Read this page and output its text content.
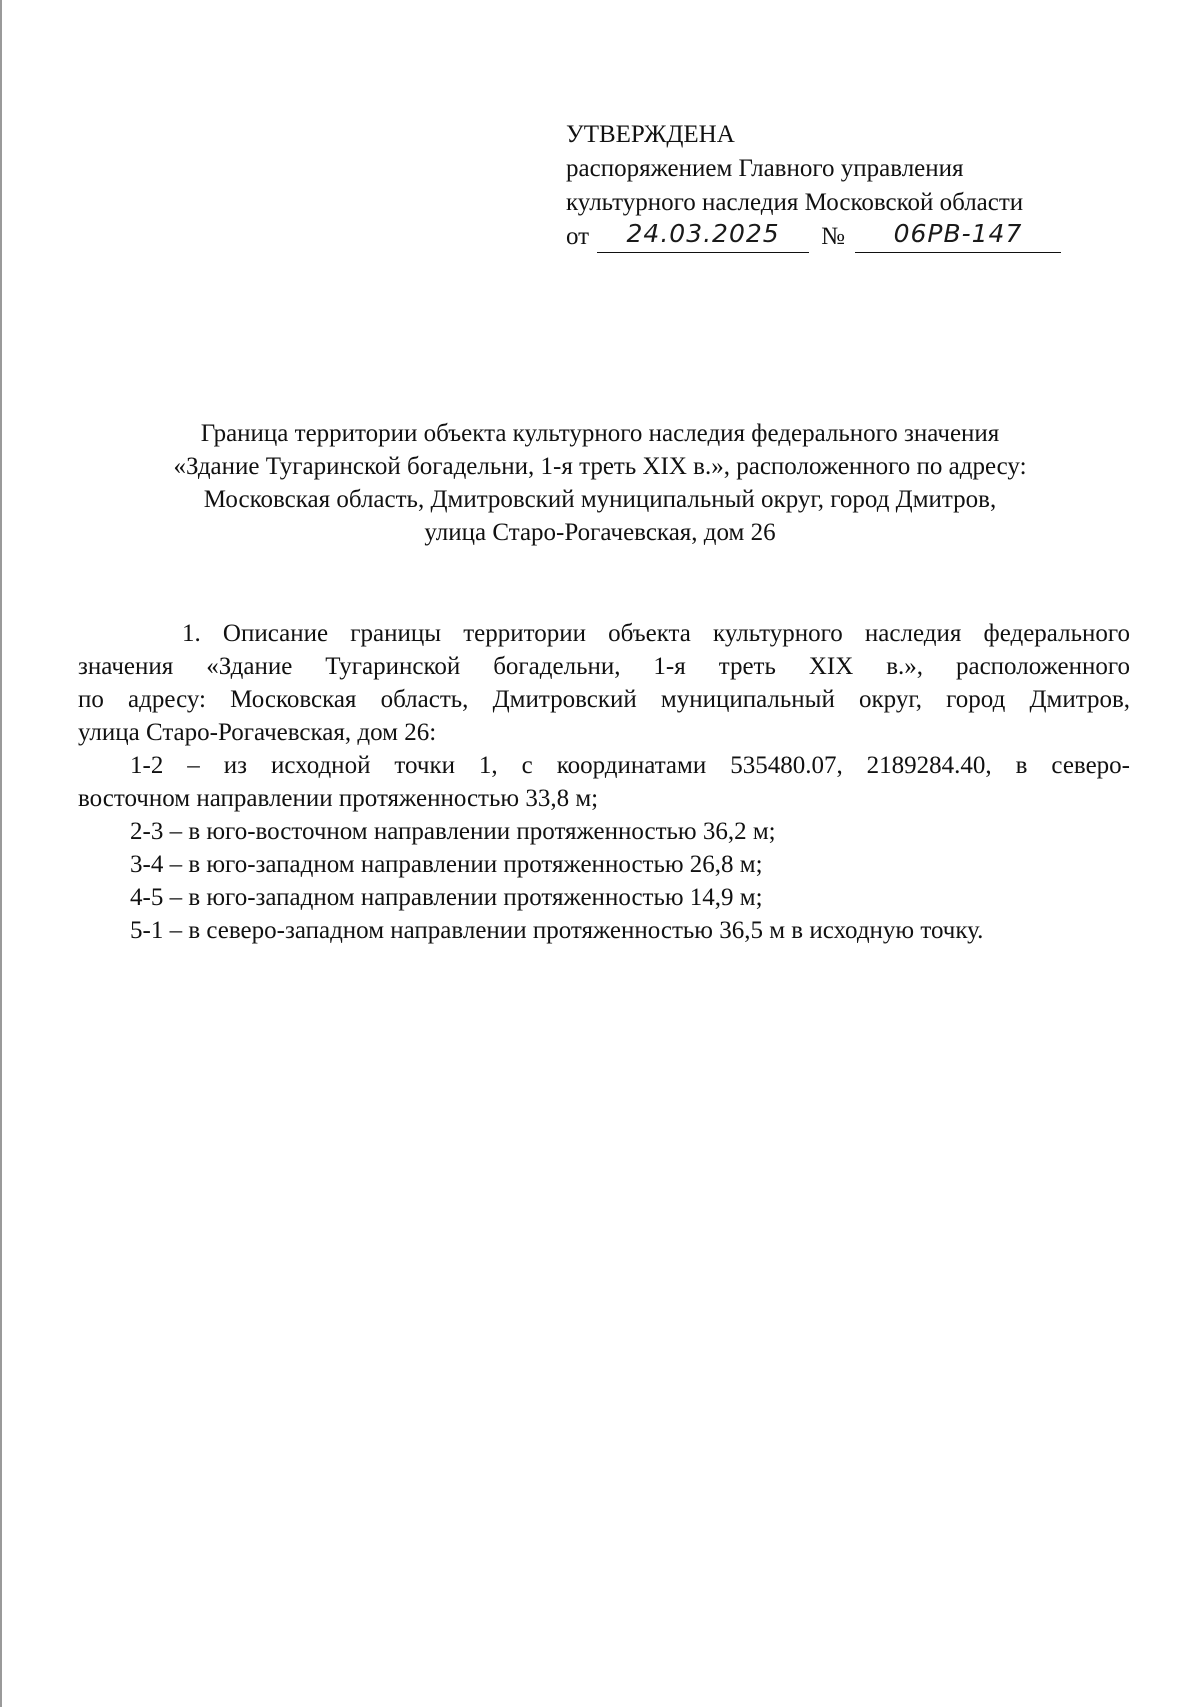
УТВЕРЖДЕНА
распоряжением Главного управления
культурного наследия Московской области
от	24.03.2025	№	06РВ-147
Граница территории объекта культурного наследия федерального значения
«Здание Тугаринской богадельни, 1-я треть XIX в.», расположенного по адресу:
Московская область, Дмитровский муниципальный округ, город Дмитров,
улица Старо-Рогачевская, дом 26
1. Описание границы территории объекта культурного наследия федерального
значения «Здание Тугаринской богадельни, 1-я треть XIX в.», расположенного
по адресу: Московская область, Дмитровский муниципальный округ, город Дмитров,
улица Старо-Рогачевская, дом 26:
1-2 – из исходной точки 1, с координатами 535480.07, 2189284.40, в северо-
восточном направлении протяженностью 33,8 м;
2-3 – в юго-восточном направлении протяженностью 36,2 м;
3-4 – в юго-западном направлении протяженностью 26,8 м;
4-5 – в юго-западном направлении протяженностью 14,9 м;
5-1 – в северо-западном направлении протяженностью 36,5 м в исходную точку.
